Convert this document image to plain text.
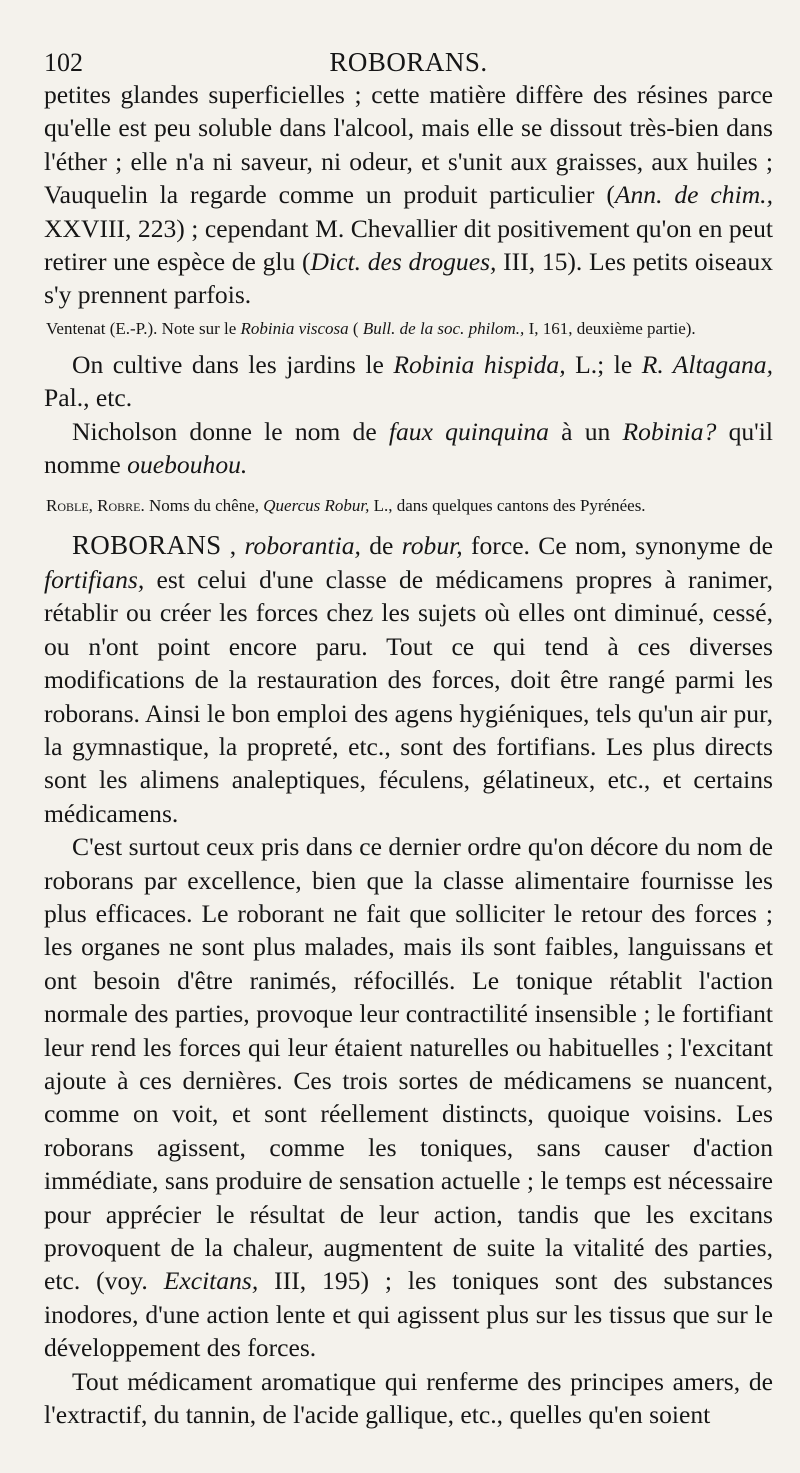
102	ROBORANS.

petites glandes superficielles ; cette matière diffère des résines parce qu'elle est peu soluble dans l'alcool, mais elle se dissout très-bien dans l'éther ; elle n'a ni saveur, ni odeur, et s'unit aux graisses, aux huiles ; Vauquelin la regarde comme un produit particulier (Ann. de chim., XXVIII, 223) ; cependant M. Chevallier dit positivement qu'on en peut retirer une espèce de glu (Dict. des drogues, III, 15). Les petits oiseaux s'y prennent parfois.

Ventenat (E.-P.). Note sur le Robinia viscosa ( Bull. de la soc. philom., I, 161, deuxième partie).

On cultive dans les jardins le Robinia hispida, L.; le R. Altagana, Pal., etc.

Nicholson donne le nom de faux quinquina à un Robinia? qu'il nomme ouebouhou.

Roble, Robre. Noms du chêne, Quercus Robur, L., dans quelques cantons des Pyrénées.

ROBORANS , roborantia, de robur, force. Ce nom, synonyme de fortifians, est celui d'une classe de médicamens propres à ranimer, rétablir ou créer les forces chez les sujets où elles ont diminué, cessé, ou n'ont point encore paru. Tout ce qui tend à ces diverses modifications de la restauration des forces, doit être rangé parmi les roborans. Ainsi le bon emploi des agens hygiéniques, tels qu'un air pur, la gymnastique, la propreté, etc., sont des fortifians. Les plus directs sont les alimens analeptiques, féculens, gélatineux, etc., et certains médicamens.

C'est surtout ceux pris dans ce dernier ordre qu'on décore du nom de roborans par excellence, bien que la classe alimentaire fournisse les plus efficaces. Le roborant ne fait que solliciter le retour des forces ; les organes ne sont plus malades, mais ils sont faibles, languissans et ont besoin d'être ranimés, réfocillés. Le tonique rétablit l'action normale des parties, provoque leur contractilité insensible ; le fortifiant leur rend les forces qui leur étaient naturelles ou habituelles ; l'excitant ajoute à ces dernières. Ces trois sortes de médicamens se nuancent, comme on voit, et sont réellement distincts, quoique voisins. Les roborans agissent, comme les toniques, sans causer d'action immédiate, sans produire de sensation actuelle ; le temps est nécessaire pour apprécier le résultat de leur action, tandis que les excitans provoquent de la chaleur, augmentent de suite la vitalité des parties, etc. (voy. Excitans, III, 195) ; les toniques sont des substances inodores, d'une action lente et qui agissent plus sur les tissus que sur le développement des forces.

Tout médicament aromatique qui renferme des principes amers, de l'extractif, du tannin, de l'acide gallique, etc., quelles qu'en soient
